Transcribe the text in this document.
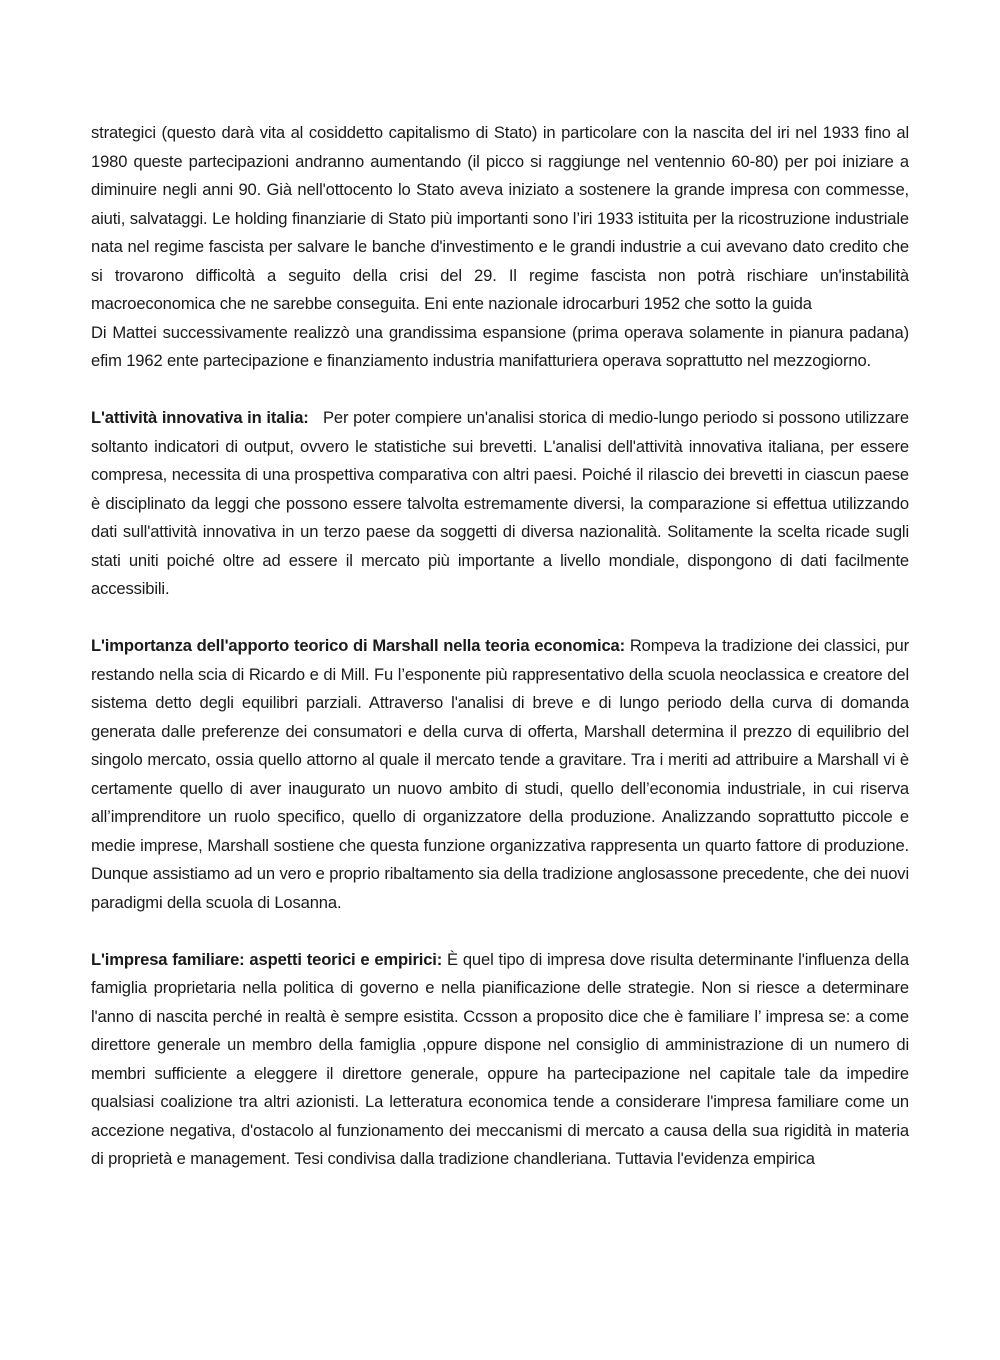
strategici (questo darà vita al cosiddetto capitalismo di Stato) in particolare con la nascita del iri nel 1933 fino al 1980 queste partecipazioni andranno aumentando (il picco si raggiunge nel ventennio 60-80) per poi iniziare a diminuire negli anni 90. Già nell'ottocento lo Stato aveva iniziato a sostenere la grande impresa con commesse, aiuti, salvataggi. Le holding finanziarie di Stato più importanti sono l’iri 1933 istituita per la ricostruzione industriale nata nel regime fascista per salvare le banche d'investimento e le grandi industrie a cui avevano dato credito che si trovarono difficoltà a seguito della crisi del 29. Il regime fascista non potrà rischiare un'instabilità macroeconomica che ne sarebbe conseguita. Eni ente nazionale idrocarburi 1952 che sotto la guida

Di Mattei successivamente realizzò una grandissima espansione (prima operava solamente in pianura padana) efim 1962 ente partecipazione e finanziamento industria manifatturiera operava soprattutto nel mezzogiorno.

L'attività innovativa in italia: Per poter compiere un'analisi storica di medio-lungo periodo si possono utilizzare soltanto indicatori di output, ovvero le statistiche sui brevetti. L'analisi dell'attività innovativa italiana, per essere compresa, necessita di una prospettiva comparativa con altri paesi. Poiché il rilascio dei brevetti in ciascun paese è disciplinato da leggi che possono essere talvolta estremamente diversi, la comparazione si effettua utilizzando dati sull'attività innovativa in un terzo paese da soggetti di diversa nazionalità. Solitamente la scelta ricade sugli stati uniti poiché oltre ad essere il mercato più importante a livello mondiale, dispongono di dati facilmente accessibili.

L'importanza dell'apporto teorico di Marshall nella teoria economica: Rompeva la tradizione dei classici, pur restando nella scia di Ricardo e di Mill. Fu l’esponente più rappresentativo della scuola neoclassica e creatore del sistema detto degli equilibri parziali. Attraverso l'analisi di breve e di lungo periodo della curva di domanda generata dalle preferenze dei consumatori e della curva di offerta, Marshall determina il prezzo di equilibrio del singolo mercato, ossia quello attorno al quale il mercato tende a gravitare. Tra i meriti ad attribuire a Marshall vi è certamente quello di aver inaugurato un nuovo ambito di studi, quello dell’economia industriale, in cui riserva all’imprenditore un ruolo specifico, quello di organizzatore della produzione. Analizzando soprattutto piccole e medie imprese, Marshall sostiene che questa funzione organizzativa rappresenta un quarto fattore di produzione. Dunque assistiamo ad un vero e proprio ribaltamento sia della tradizione anglosassone precedente, che dei nuovi paradigmi della scuola di Losanna.

L'impresa familiare: aspetti teorici e empirici: È quel tipo di impresa dove risulta determinante l'influenza della famiglia proprietaria nella politica di governo e nella pianificazione delle strategie. Non si riesce a determinare l'anno di nascita perché in realtà è sempre esistita. Ccsson a proposito dice che è familiare l’ impresa se: a come direttore generale un membro della famiglia ,oppure dispone nel consiglio di amministrazione di un numero di membri sufficiente a eleggere il direttore generale, oppure ha partecipazione nel capitale tale da impedire qualsiasi coalizione tra altri azionisti. La letteratura economica tende a considerare l'impresa familiare come un accezione negativa, d'ostacolo al funzionamento dei meccanismi di mercato a causa della sua rigidità in materia di proprietà e management. Tesi condivisa dalla tradizione chandleriana. Tuttavia l'evidenza empirica
